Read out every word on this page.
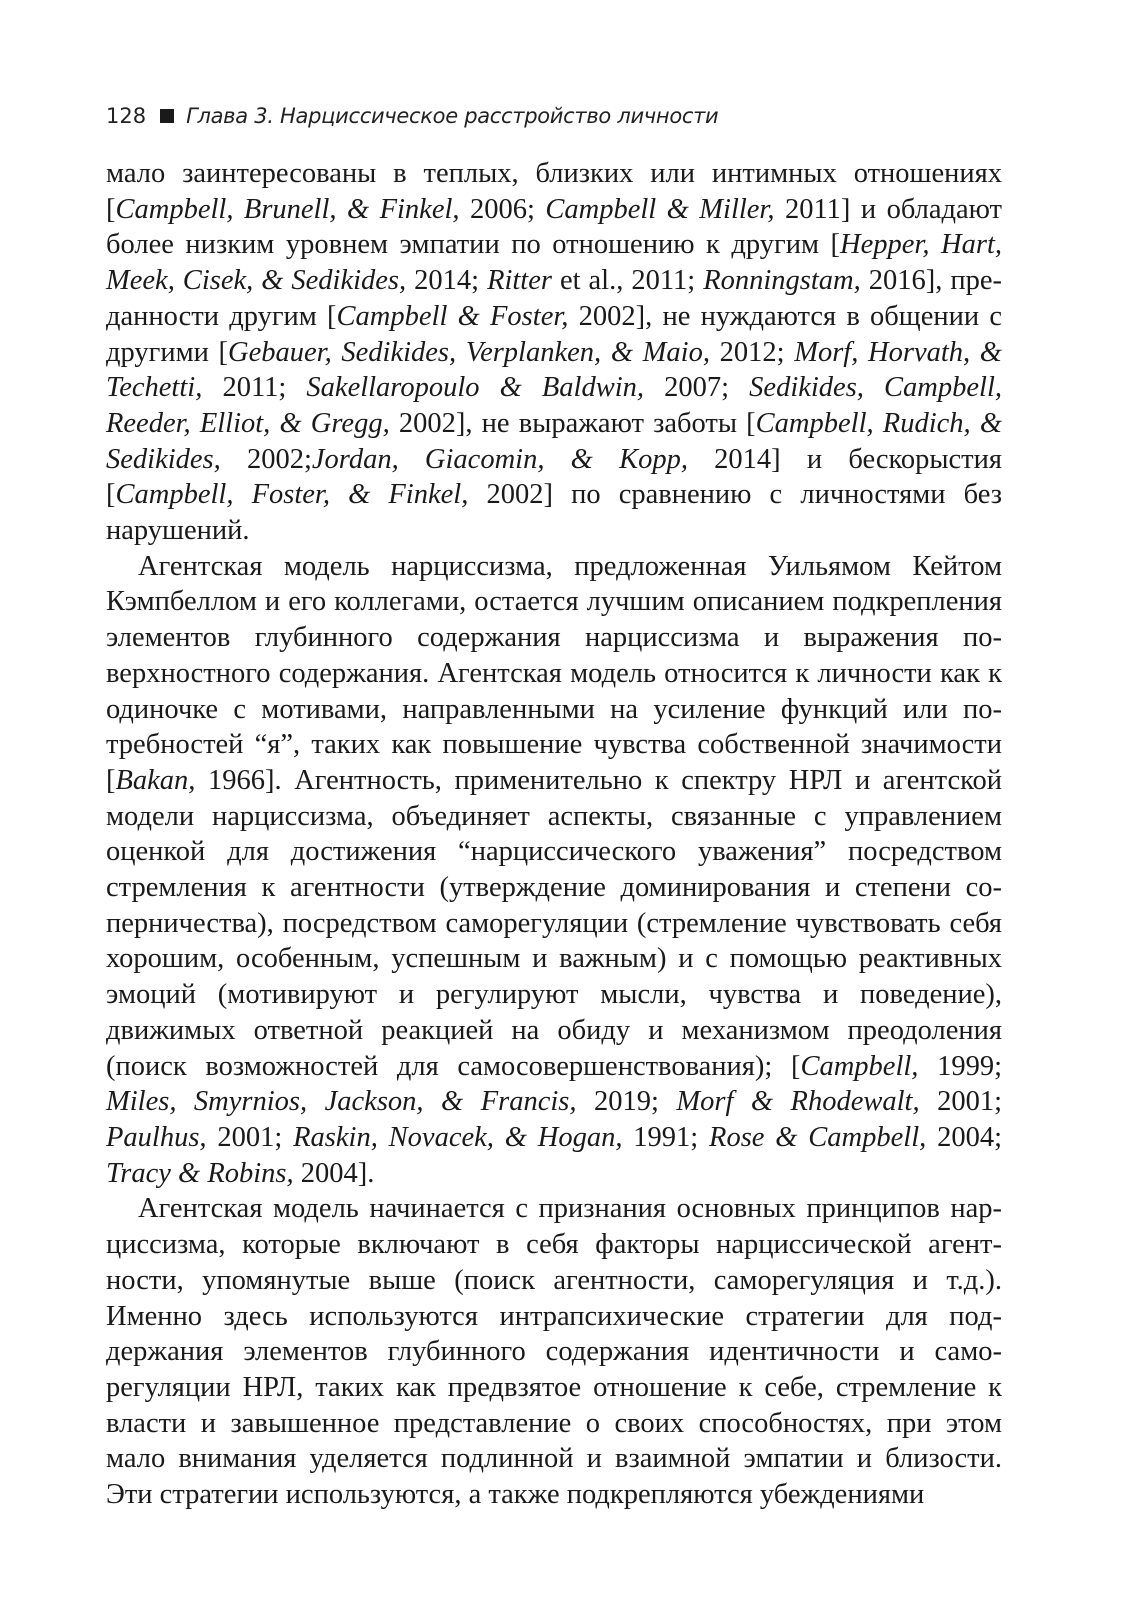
128 Глава 3. Нарциссическое расстройство личности

мало заинтересованы в теплых, близких или интимных отношениях [Campbell, Brunell, & Finkel, 2006; Campbell & Miller, 2011] и обладают более низким уровнем эмпатии по отношению к другим [Hepper, Hart, Meek, Cisek, & Sedikides, 2014; Ritter et al., 2011; Ronningstam, 2016], преданности другим [Campbell & Foster, 2002], не нуждаются в общении с другими [Gebauer, Sedikides, Verplanken, & Maio, 2012; Morf, Horvath, & Techetti, 2011; Sakellaropoulo & Baldwin, 2007; Sedikides, Campbell, Reeder, Elliot, & Gregg, 2002], не выражают заботы [Campbell, Rudich, & Sedikides, 2002;Jordan, Giacomin, & Kopp, 2014] и бескорыстия [Campbell, Foster, & Finkel, 2002] по сравнению с личностями без нарушений.

Агентская модель нарциссизма, предложенная Уильямом Кейтом Кэмпбеллом и его коллегами, остается лучшим описанием подкрепления элементов глубинного содержания нарциссизма и выражения поверхностного содержания. Агентская модель относится к личности как к одиночке с мотивами, направленными на усиление функций или потребностей “я”, таких как повышение чувства собственной значимости [Bakan, 1966]. Агентность, применительно к спектру НРЛ и агентской модели нарциссизма, объединяет аспекты, связанные с управлением оценкой для достижения “нарциссического уважения” посредством стремления к агентности (утверждение доминирования и степени соперничества), посредством саморегуляции (стремление чувствовать себя хорошим, особенным, успешным и важным) и с помощью реактивных эмоций (мотивируют и регулируют мысли, чувства и поведение), движимых ответной реакцией на обиду и механизмом преодоления (поиск возможностей для самосовершенствования); [Campbell, 1999; Miles, Smyrnios, Jackson, & Francis, 2019; Morf & Rhodewalt, 2001; Paulhus, 2001; Raskin, Novacek, & Hogan, 1991; Rose & Campbell, 2004; Tracy & Robins, 2004].

Агентская модель начинается с признания основных принципов нарциссизма, которые включают в себя факторы нарциссической агентности, упомянутые выше (поиск агентности, саморегуляция и т.д.). Именно здесь используются интрапсихические стратегии для поддержания элементов глубинного содержания идентичности и саморегуляции НРЛ, таких как предвзятое отношение к себе, стремление к власти и завышенное представление о своих способностях, при этом мало внимания уделяется подлинной и взаимной эмпатии и близости. Эти стратегии используются, а также подкрепляются убеждениями
